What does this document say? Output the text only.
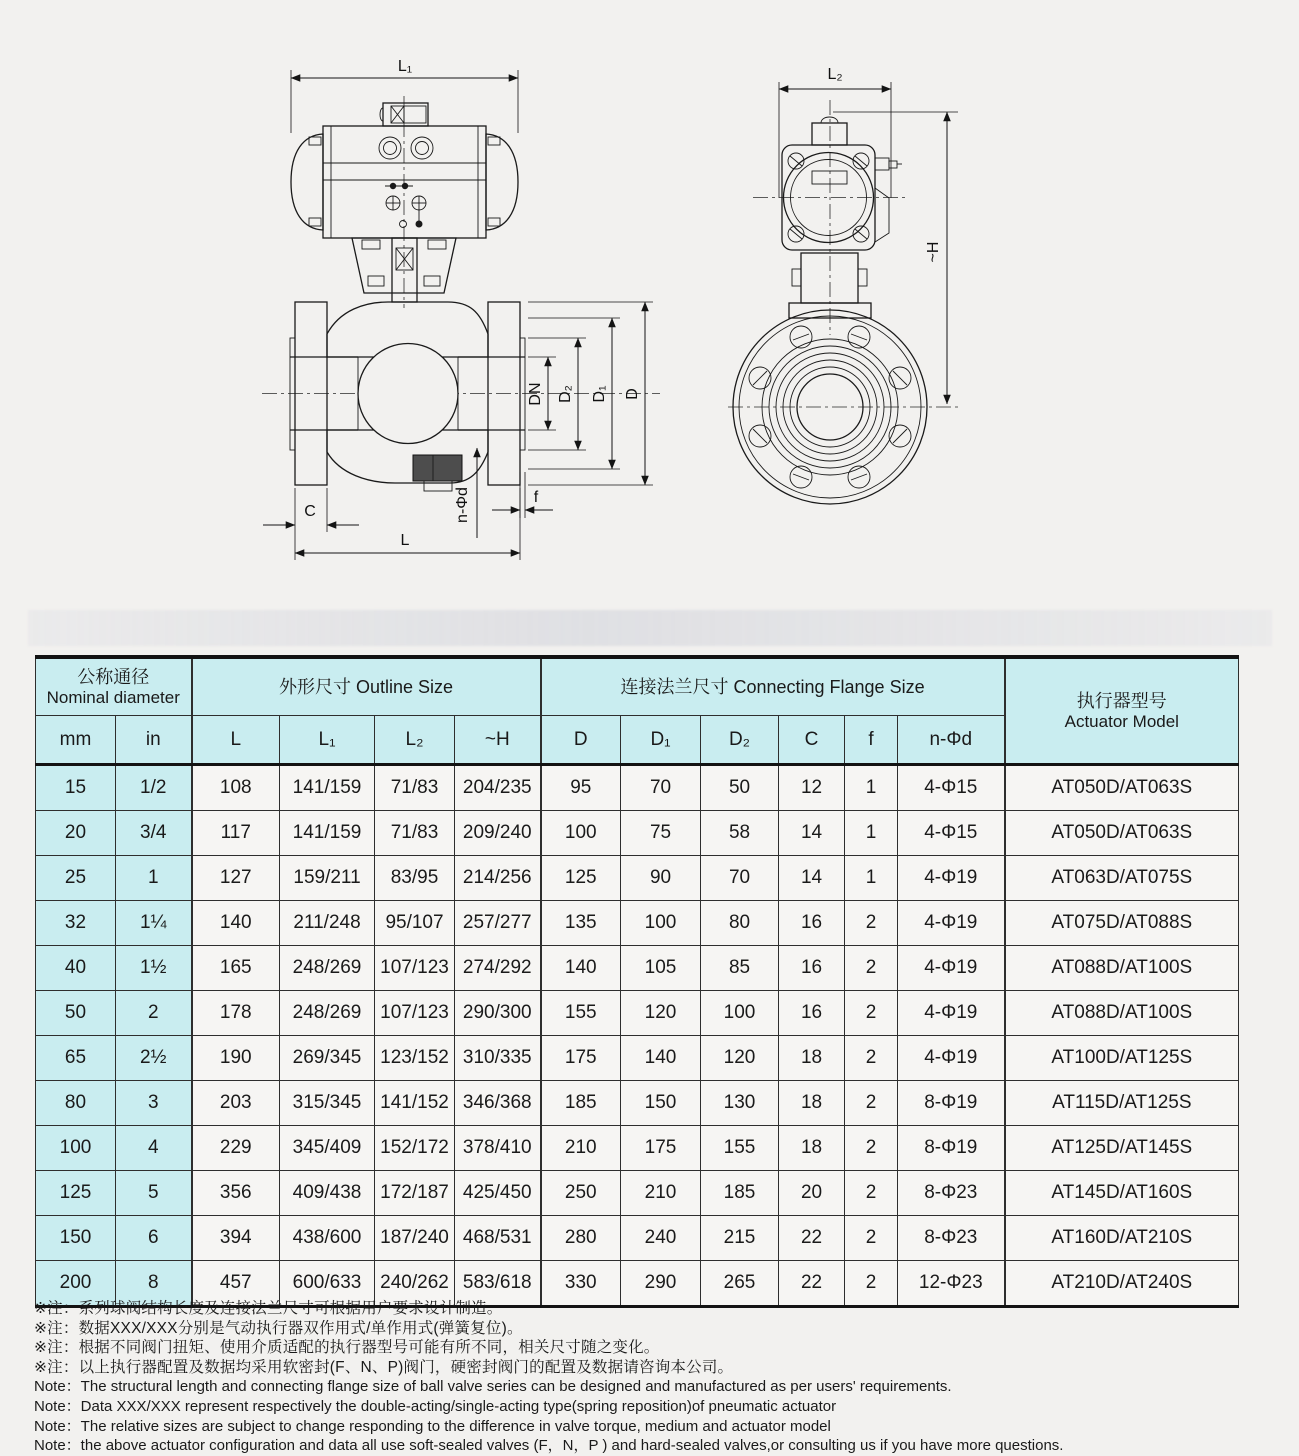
L₁
DN D₂ D₁ D
C
L
f
n-Φd
L₂
~H
公称通径
Nominal diameter		外形尺寸 Outline Size				连接法兰尺寸 Connecting Flange Size						执行器型号
Actuator Model

mm	in	L	L₁	L₂	~H	D	D₁	D₂	C	f	n-Φd	
15	1/2	108	141/159	71/83	204/235	95	70	50	12	1	4-Φ15	AT050D/AT063S
20	3/4	117	141/159	71/83	209/240	100	75	58	14	1	4-Φ15	AT050D/AT063S
25	1	127	159/211	83/95	214/256	125	90	70	14	1	4-Φ19	AT063D/AT075S
32	1¼	140	211/248	95/107	257/277	135	100	80	16	2	4-Φ19	AT075D/AT088S
40	1½	165	248/269	107/123	274/292	140	105	85	16	2	4-Φ19	AT088D/AT100S
50	2	178	248/269	107/123	290/300	155	120	100	16	2	4-Φ19	AT088D/AT100S
65	2½	190	269/345	123/152	310/335	175	140	120	18	2	4-Φ19	AT100D/AT125S
80	3	203	315/345	141/152	346/368	185	150	130	18	2	8-Φ19	AT115D/AT125S
100	4	229	345/409	152/172	378/410	210	175	155	18	2	8-Φ19	AT125D/AT145S
125	5	356	409/438	172/187	425/450	250	210	185	20	2	8-Φ23	AT145D/AT160S
150	6	394	438/600	187/240	468/531	280	240	215	22	2	8-Φ23	AT160D/AT210S
200	8	457	600/633	240/262	583/618	330	290	265	22	2	12-Φ23	AT210D/AT240S
※注：系列球阀结构长度及连接法兰尺寸可根据用户要求设计制造。
※注：数据XXX/XXX分别是气动执行器双作用式/单作用式(弹簧复位)。
※注：根据不同阀门扭矩、使用介质适配的执行器型号可能有所不同，相关尺寸随之变化。
※注：以上执行器配置及数据均采用软密封(F、N、P)阀门，硬密封阀门的配置及数据请咨询本公司。
Note：The structural length and connecting flange size of ball valve series can be designed and manufactured as per users' requirements.
Note：Data XXX/XXX represent respectively the double-acting/single-acting type(spring reposition)of pneumatic actuator
Note：The relative sizes are subject to change responding to the difference in valve torque, medium and actuator model
Note：the above actuator configuration and data all use soft-sealed valves (F，N，P ) and hard-sealed valves,or consulting us if you have more questions.
